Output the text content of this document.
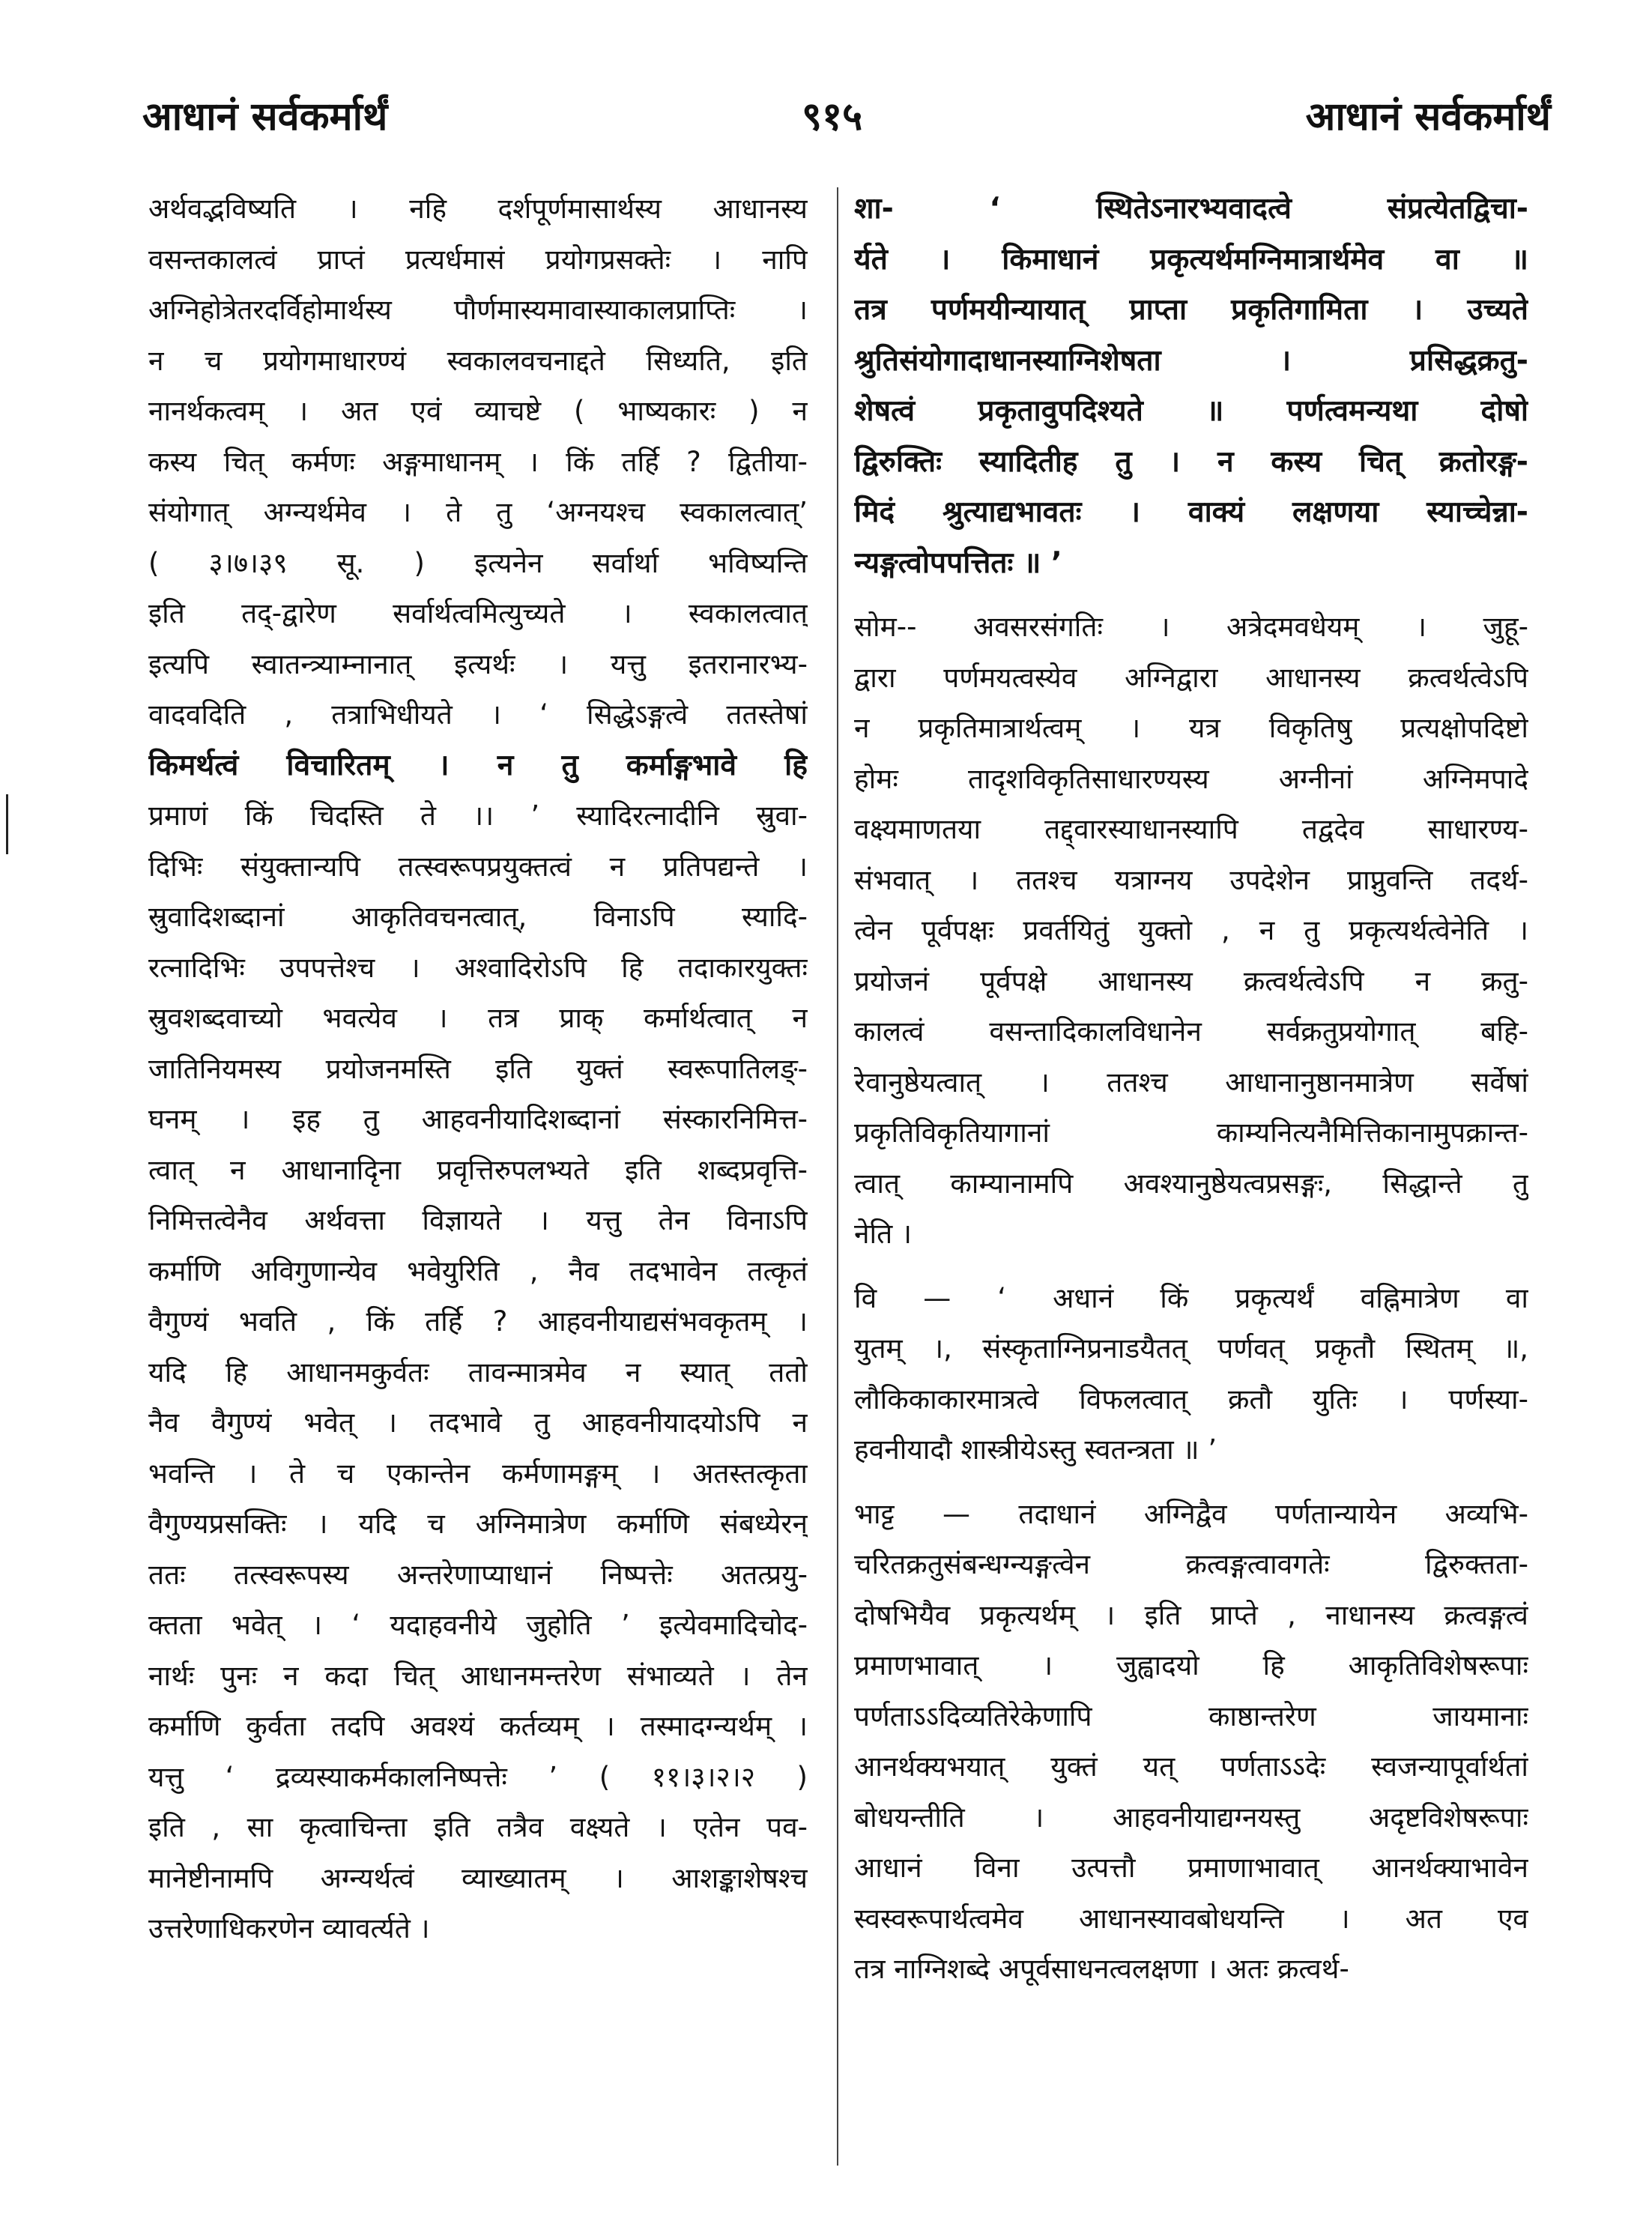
आधानं सर्वकर्मार्थं	९१५	आधानं सर्वकर्मार्थं
अर्थवद्भविष्यति । नहि दर्शपूर्णमासार्थस्य आधानस्य
वसन्तकालत्वं प्राप्तं प्रत्यर्धमासं प्रयोगप्रसक्तेः । नापि
अग्निहोत्रेतरदर्विहोमार्थस्य पौर्णमास्यमावास्याकालप्राप्तिः ।
न च प्रयोगमाधारण्यं स्वकालवचनाद्दते सिध्यति, इति
नानर्थकत्वम् । अत एवं व्याचष्टे ( भाष्यकारः ) न
कस्य चित् कर्मणः अङ्गमाधानम् । किं तर्हि ? द्वितीया-
संयोगात् अग्न्यर्थमेव । ते तु ‘अग्नयश्च स्वकालत्वात्’
( ३।७।३९ सू. ) इत्यनेन सर्वार्था भविष्यन्ति
इति तद्-द्वारेण सर्वार्थत्वमित्युच्यते । स्वकालत्वात्
इत्यपि स्वातन्त्र्याम्नानात् इत्यर्थः । यत्तु इतरानारभ्य-
वादवदिति , तत्राभिधीयते । ‘ सिद्धेऽङ्गत्वे ततस्तेषां
किमर्थत्वं विचारितम् । न तु कर्माङ्गभावे हि
प्रमाणं किं चिदस्ति ते ।। ’ स्यादिरत्नादीनि स्रुवा-
दिभिः संयुक्तान्यपि तत्स्वरूपप्रयुक्तत्वं न प्रतिपद्यन्ते ।
स्रुवादिशब्दानां आकृतिवचनत्वात्, विनाऽपि स्यादि-
रत्नादिभिः उपपत्तेश्च । अश्वादिरोऽपि हि तदाकारयुक्तः
स्रुवशब्दवाच्यो भवत्येव । तत्र प्राक् कर्मार्थत्वात् न
जातिनियमस्य प्रयोजनमस्ति इति युक्तं स्वरूपातिलङ्-
घनम् । इह तु आहवनीयादिशब्दानां संस्कारनिमित्त-
त्वात् न आधानादृिना प्रवृत्तिरुपलभ्यते इति शब्दप्रवृत्ति-
निमित्तत्वेनैव अर्थवत्ता विज्ञायते । यत्तु तेन विनाऽपि
कर्माणि अविगुणान्येव भवेयुरिति , नैव तदभावेन तत्कृतं
वैगुण्यं भवति , किं तर्हि ? आहवनीयाद्यसंभवकृतम् ।
यदि हि आधानमकुर्वतः तावन्मात्रमेव न स्यात् ततो
नैव वैगुण्यं भवेत् । तदभावे तु आहवनीयादयोऽपि न
भवन्ति । ते च एकान्तेन कर्मणामङ्गम् । अतस्तत्कृता
वैगुण्यप्रसक्तिः । यदि च अग्निमात्रेण कर्माणि संबध्येरन्
ततः तत्स्वरूपस्य अन्तरेणाप्याधानं निष्पत्तेः अतत्प्रयु-
क्तता भवेत् । ‘ यदाहवनीये जुहोति ’ इत्येवमादिचोद-
नार्थः पुनः न कदा चित् आधानमन्तरेण संभाव्यते । तेन
कर्माणि कुर्वता तदपि अवश्यं कर्तव्यम् । तस्मादग्न्यर्थम् ।
यत्तु ‘ द्रव्यस्याकर्मकालनिष्पत्तेः ’ ( ११।३।२।२ )
इति , सा कृत्वाचिन्ता इति तत्रैव वक्ष्यते । एतेन पव-
मानेष्टीनामपि अग्न्यर्थत्वं व्याख्यातम् । आशङ्काशेषश्च
उत्तरेणाधिकरणेन व्यावर्त्यते ।
शा- ‘ स्थितेऽनारभ्यवादत्वे संप्रत्येतद्विचा-
र्यते । किमाधानं प्रकृत्यर्थमग्निमात्रार्थमेव वा ॥
तत्र पर्णमयीन्यायात् प्राप्ता प्रकृतिगामिता । उच्यते
श्रुतिसंयोगादाधानस्याग्निशेषता । प्रसिद्धक्रतु-
शेषत्वं प्रकृतावुपदिश्यते ॥ पर्णत्वमन्यथा दोषो
द्विरुक्तिः स्यादितीह तु । न कस्य चित् क्रतोरङ्ग-
मिदं श्रुत्याद्यभावतः । वाक्यं लक्षणया स्याच्चेन्ना-
न्यङ्गत्वोपपत्तितः ॥ ’
सोम-- अवसरसंगतिः । अत्रेदमवधेयम् । जुहू-
द्वारा पर्णमयत्वस्येव अग्निद्वारा आधानस्य क्रत्वर्थत्वेऽपि
न प्रकृतिमात्रार्थत्वम् । यत्र विकृतिषु प्रत्यक्षोपदिष्टो
होमः तादृशविकृतिसाधारण्यस्य अग्नीनां अग्निमपादे
वक्ष्यमाणतया तद्द्वारस्याधानस्यापि तद्वदेव साधारण्य-
संभवात् । ततश्च यत्राग्नय उपदेशेन प्राप्नुवन्ति तदर्थ-
त्वेन पूर्वपक्षः प्रवर्तयितुं युक्तो , न तु प्रकृत्यर्थत्वेनेति ।
प्रयोजनं पूर्वपक्षे आधानस्य क्रत्वर्थत्वेऽपि न क्रतु-
कालत्वं वसन्तादिकालविधानेन सर्वक्रतुप्रयोगात् बहि-
रेवानुष्ठेयत्वात् । ततश्च आधानानुष्ठानमात्रेण सर्वेषां
प्रकृतिविकृतियागानां काम्यनित्यनैमित्तिकानामुपक्रान्त-
त्वात् काम्यानामपि अवश्यानुष्ठेयत्वप्रसङ्गः, सिद्धान्ते तु
नेति ।
वि — ‘ अधानं किं प्रकृत्यर्थं वह्निमात्रेण वा
युतम् ।, संस्कृताग्निप्रनाडयैतत् पर्णवत् प्रकृतौ स्थितम् ॥,
लौकिकाकारमात्रत्वे विफलत्वात् क्रतौ युतिः । पर्णस्या-
हवनीयादौ शास्त्रीयेऽस्तु स्वतन्त्रता ॥ ’
भाट्ट — तदाधानं अग्निद्वैव पर्णतान्यायेन अव्यभि-
चरितक्रतुसंबन्धग्न्यङ्गत्वेन क्रत्वङ्गत्वावगतेः द्विरुक्तता-
दोषभियैव प्रकृत्यर्थम् । इति प्राप्ते , नाधानस्य क्रत्वङ्गत्वं
प्रमाणभावात् । जुह्वादयो हि आकृतिविशेषरूपाः
पर्णताऽऽदिव्यतिरेकेणापि काष्ठान्तरेण जायमानाः
आनर्थक्यभयात् युक्तं यत् पर्णताऽऽदेः स्वजन्यापूर्वार्थतां
बोधयन्तीति । आहवनीयाद्यग्नयस्तु अदृष्टविशेषरूपाः
आधानं विना उत्पत्तौ प्रमाणाभावात् आनर्थक्याभावेन
स्वस्वरूपार्थत्वमेव आधानस्यावबोधयन्ति । अत एव
तत्र नाग्निशब्दे अपूर्वसाधनत्वलक्षणा । अतः क्रत्वर्थ-
